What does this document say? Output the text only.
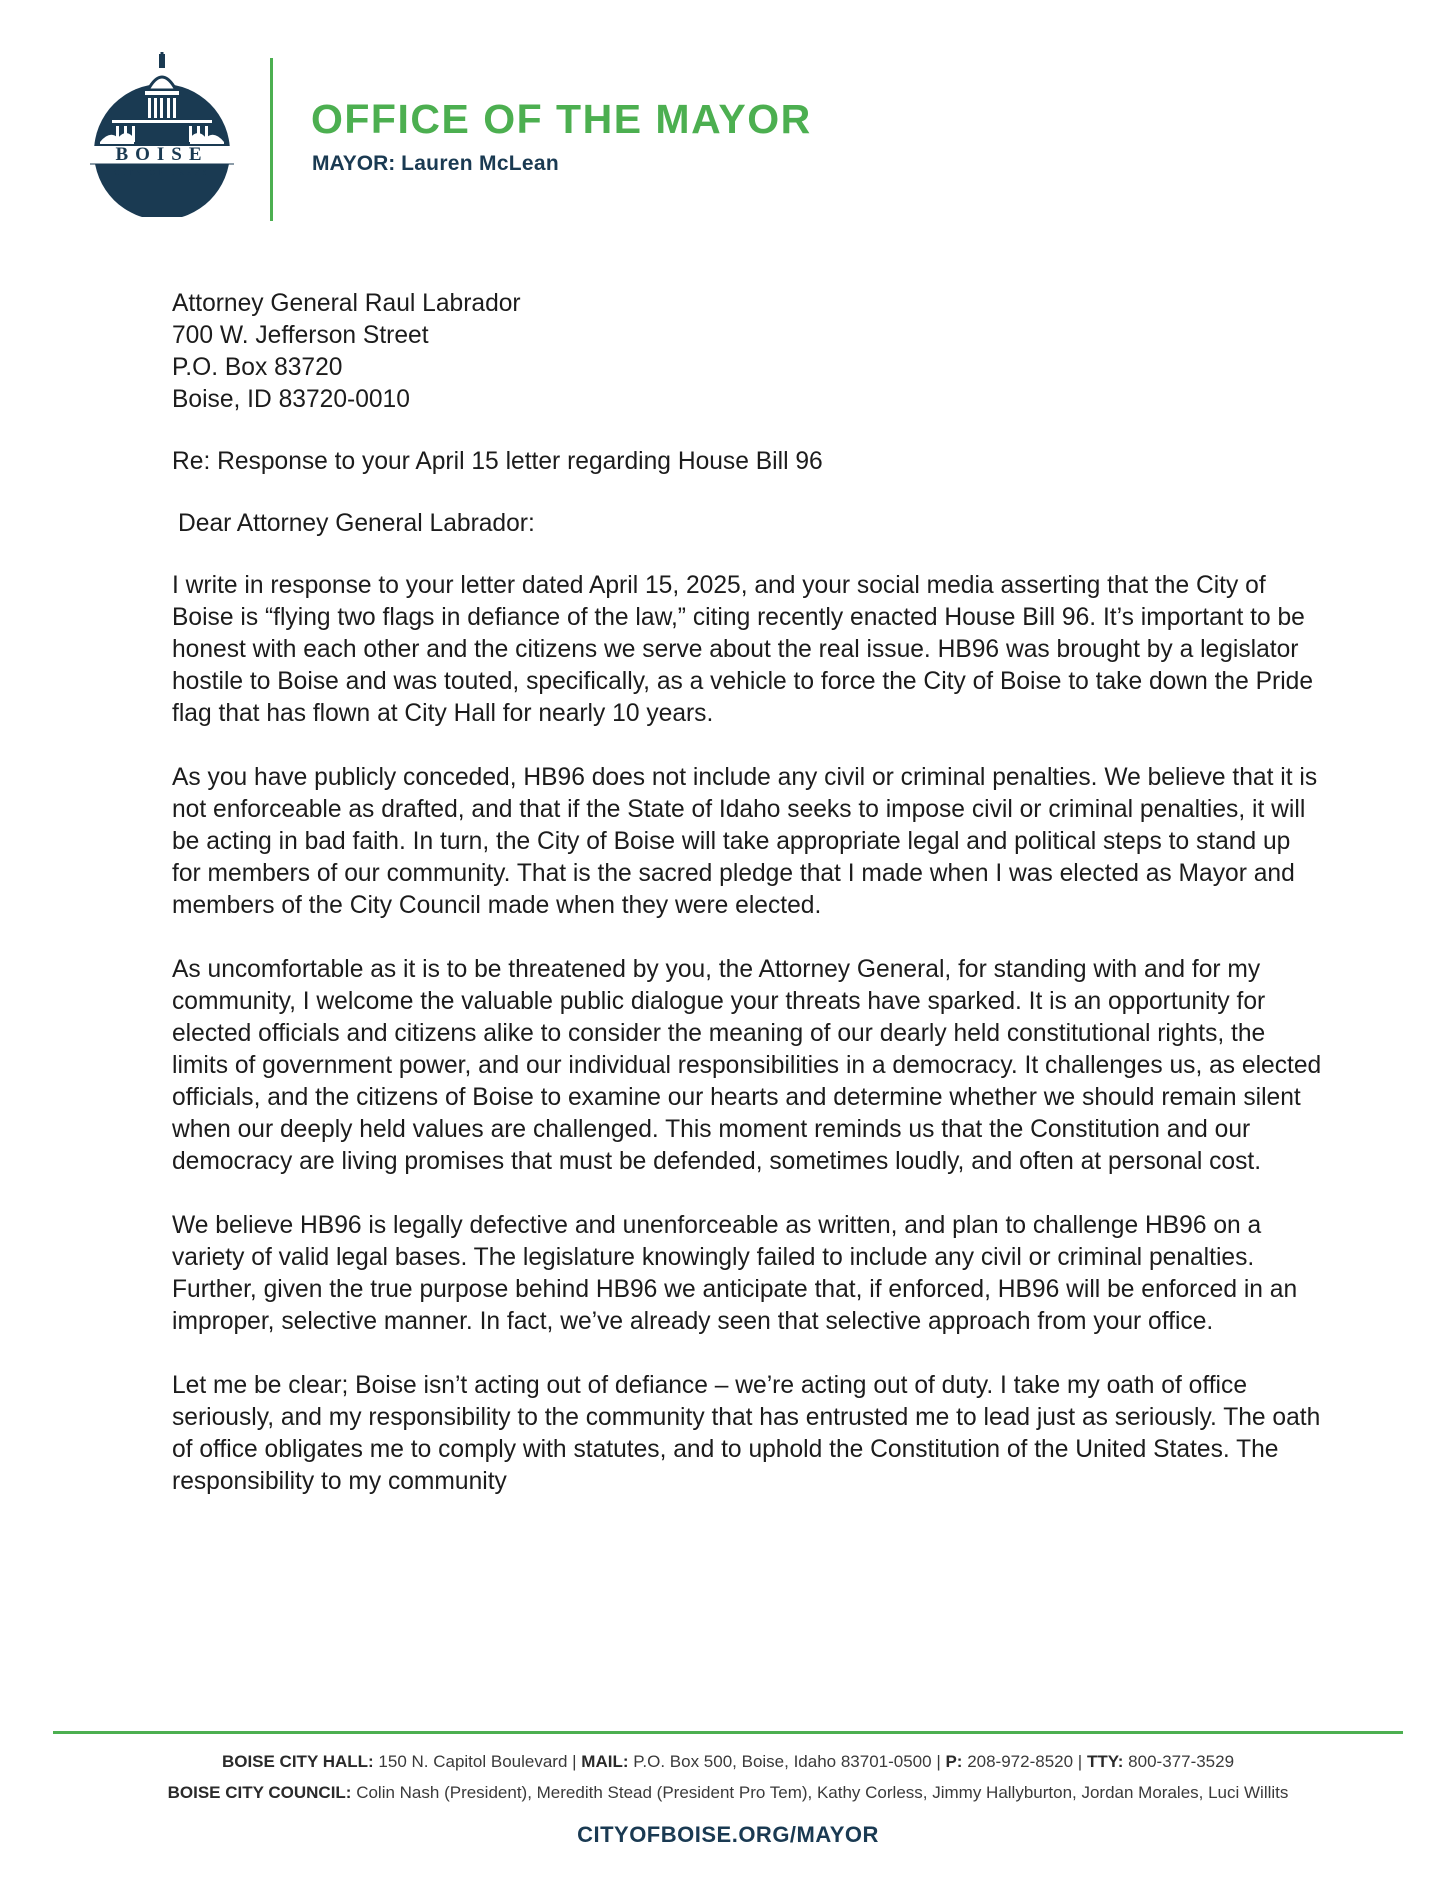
BOISE
CITY OF TREES
OFFICE OF THE MAYOR
MAYOR: Lauren McLean
Attorney General Raul Labrador
700 W. Jefferson Street
P.O. Box 83720
Boise, ID 83720-0010
Re: Response to your April 15 letter regarding House Bill 96
Dear Attorney General Labrador:

I write in response to your letter dated April 15, 2025, and your social media asserting that the City of Boise is “flying two flags in defiance of the law,” citing recently enacted House Bill 96. It’s important to be honest with each other and the citizens we serve about the real issue. HB96 was brought by a legislator hostile to Boise and was touted, specifically, as a vehicle to force the City of Boise to take down the Pride flag that has flown at City Hall for nearly 10 years.

As you have publicly conceded, HB96 does not include any civil or criminal penalties. We believe that it is not enforceable as drafted, and that if the State of Idaho seeks to impose civil or criminal penalties, it will be acting in bad faith. In turn, the City of Boise will take appropriate legal and political steps to stand up for members of our community. That is the sacred pledge that I made when I was elected as Mayor and members of the City Council made when they were elected.

As uncomfortable as it is to be threatened by you, the Attorney General, for standing with and for my community, I welcome the valuable public dialogue your threats have sparked. It is an opportunity for elected officials and citizens alike to consider the meaning of our dearly held constitutional rights, the limits of government power, and our individual responsibilities in a democracy. It challenges us, as elected officials, and the citizens of Boise to examine our hearts and determine whether we should remain silent when our deeply held values are challenged. This moment reminds us that the Constitution and our democracy are living promises that must be defended, sometimes loudly, and often at personal cost.

We believe HB96 is legally defective and unenforceable as written, and plan to challenge HB96 on a variety of valid legal bases. The legislature knowingly failed to include any civil or criminal penalties. Further, given the true purpose behind HB96 we anticipate that, if enforced, HB96 will be enforced in an improper, selective manner. In fact, we’ve already seen that selective approach from your office.

Let me be clear; Boise isn’t acting out of defiance – we’re acting out of duty. I take my oath of office seriously, and my responsibility to the community that has entrusted me to lead just as seriously. The oath of office obligates me to comply with statutes, and to uphold the Constitution of the United States. The responsibility to my community

BOISE CITY HALL: 150 N. Capitol Boulevard | MAIL: P.O. Box 500, Boise, Idaho 83701-0500 | P: 208-972-8520 | TTY: 800-377-3529
BOISE CITY COUNCIL: Colin Nash (President), Meredith Stead (President Pro Tem), Kathy Corless, Jimmy Hallyburton, Jordan Morales, Luci Willits
CITYOFBOISE.ORG/MAYOR
